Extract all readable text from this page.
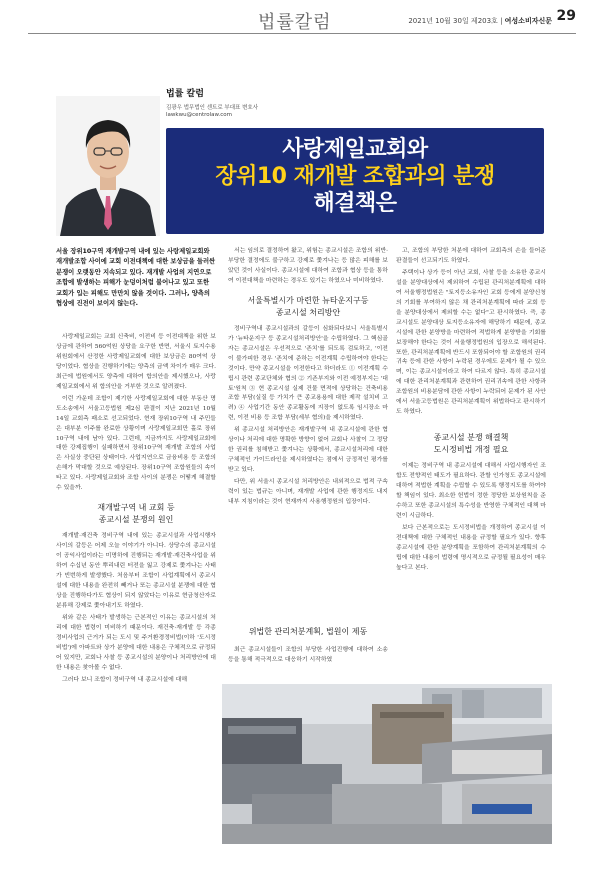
법률칼럼	2021년 10월 30일 제203호 | 여성소비자신문 29
법률 칼럼
김광우 법무법인 센트로 부대표 변호사
lawkwu@centrolaw.com
사랑제일교회와
장위10 재개발 조합과의 분쟁
해결책은
서울 장위10구역 재개발구역 내에 있는 사랑제일교회와 재개발조합 사이에 교회 이전대책에 대한 보상금을 둘러싼 분쟁이 오랫동안 지속되고 있다. 재개발 사업의 지연으로 조합에 발생하는 피해가 눈덩이처럼 불어나고 있고 또한 교회가 입는 피해도 만만치 않을 것이다. 그러나, 양측의 협상에 진전이 보이지 않는다.

사랑제일교회는 교회 신축비, 이전비 등 이전대책을 위한 보상금에 관하여 560억원 상당을 요구한 반면, 서울시 토지수용위원회에서 산정한 사랑제일교회에 대한 보상금은 80여억 상당이었다. 협상을 진행하기에는 양측의 금액 차이가 매우 크다. 최근에 법원에서도 양측에 대하여 합의안을 제시했으나, 사랑제일교회에서 위 합의안을 거부한 것으로 알려졌다.

이런 가운데 조합이 제기한 사랑제일교회에 대한 부동산 명도소송에서 서울고등법원 제2심 판결이 지난 2021년 10월 14일 교회측 패소로 선고되었다. 현재 장위10구역 내 주민들은 대부분 이주를 완료한 상황이며 사랑제일교회만 홀로 장위10구역 내에 남아 있다. 그런데, 지금까지도 사랑제일교회에 대한 강제집행이 실패하면서 장위10구역 재개발 조합의 사업은 사실상 중단된 상태이다. 사업지연으로 금융비용 등 조합의 손해가 막대할 것으로 예상된다. 장위10구역 조합원들의 속이 타고 있다. 사랑제일교회와 조합 사이의 분쟁은 어떻게 해결할 수 있을까.

재개발구역 내 교회 등
종교시설 분쟁의 원인

재개발·재건축 정비구역 내에 있는 종교시설과 사업시행자 사이의 갈등은 어제 오늘 이야기가 아니다. 상당수의 종교시설이 공익사업이라는 미명하에 진행되는 재개발·재건축사업을 위하여 수십년 동안 뿌리내린 터전을 잃고 강제로 쫓겨나는 사태가 빈번하게 발생했다. 처음부터 조합이 사업계획에서 종교시설에 대한 내용을 완전히 빼거나 또는 종교시설 분쟁에 대한 협상을 진행하다가도 협상이 되지 않았다는 이유로 현금청산자로 분류해 강제로 쫓아내기도 하였다.

위와 같은 사태가 발생하는 근본적인 이유는 종교시설의 처리에 대한 법령이 미비하기 때문이다. 재건축·재개발 등 각종 정비사업의 근거가 되는 도시 및 주거환경정비법(이하 '도시정비법')에 아파트와 상가 분양에 대한 내용은 구체적으로 규정되어 있지만, 교회나 사찰 등 종교시설의 분양이나 처리방안에 대한 내용은 찾아볼 수 없다.

그러다 보니 조합이 정비구역 내 종교시설에 대해

서는 임의로 결정하여 왔고, 위험는 종교시설은 조합의 위반·부당한 결정에도 불구하고 강제로 쫓겨나는 등 많은 피해를 보았던 것이 사실이다. 종교시설에 대하여 조합과 협상 등을 통하여 이전대책을 마련하는 경우도 있기는 하였으나 미비하였다.

서울특별시가 마련한 뉴타운지구등
종교시설 처리방안

정비구역내 종교시설과의 갈등이 심화되다보니 서울특별시가 '뉴타운지구 등 종교시설처리방안'을 수립하였다. 그 핵심골자는 종교시설은 우선적으로 '존치'를 되도록 검토하고, '이전이 불가피한 경우 '존치에 준하는 이전계획 수립하여야 한다는 것이다. 만약 종교시설을 이전한다고 하더라도 ① 이전계획 수립시 관련 종교단체와 협의 ② 기존부지와 이전 예정부지는 '대토'원칙 ③ 현 종교시설 실제 건물 면적에 상당하는 건축비용 조합 부담(실질 등 가치가 큰 종교용용에 대한 제작 설치비 고려) ④ 사업기간 동안 종교활동에 지장이 없도록 임시장소 마련, 이전 비용 등 조합 부담(세부 협의)을 제시하였다.

위 종교시설 처리방안은 재개발구역 내 종교시설에 관한 협상이나 처리에 대한 명확한 방향이 없어 교회나 사찰이 그 정당한 권리를 침해받고 쫓겨나는 상황에서, 종교시설처리에 대한 구체적인 가이드라인을 제시하였다는 점에서 긍정적인 평가를 받고 있다.

다만, 위 서울시 종교시설 처리방안은 내외적으로 법적 구속력이 있는 법규는 아니며, 재개발 사업에 관한 행정지도 내지 내부 지침이라는 것이 현재까지 사용행정원의 입장이다.

위법한 관리처분계획, 법원이 제동

최근 종교시설들이 조합의 부당한 사업진행에 대하여 소송 등을 통해 적극적으로 대응하기 시작하였

고, 조합의 부당한 처분에 대하여 교회측의 손을 들어준 판결들이 선고되기도 하였다.

주택이나 상가 등이 아닌 교회, 사찰 등을 소유한 종교시설을 분양대상에서 제외하여 수립된 관리처분계획에 대하여 서울행정법원은 "토지등소유자인 교회 등에게 분양신청의 기회를 부여하지 않은 채 관리처분계획에 따라 교회 등을 분양대상에서 제외할 수는 없다"고 판시하였다. 즉, 종교시설도 분양대상 토지등소유자에 해당하기 때문에, 종교시설에 관한 분양방을 마련하여 적법하게 분양받을 기회를 보장해야 한다는 것이 서울행정법원의 입장으로 해석된다. 또한, 관리처분계획에 반드시 포함되어야 할 조합원의 권리귀속 등에 관한 사항이 누락된 경우에도 문제가 될 수 있으며, 이는 종교시설이라고 하여 다르지 않다. 특히 종교시설에 대한 관리처분계획과 관련하여 권리귀속에 관한 사항과 조합원의 비용분담에 관한 사항이 누락되어 문제가 된 사안에서 서울고등법원은 관리처분계획이 위법하다고 판시하기도 하였다.

종교시설 분쟁 해결책
도시정비법 개정 필요

이제는 정비구역 내 종교시설에 대해서 사업시행자인 조합도 전향적인 태도가 필요하다. 관할 인가청도 종교시설에 대하여 적법한 계획을 수립할 수 있도록 행정지도를 하여야 할 책임이 있다. 최소한 헌법이 정한 정당한 보상원칙을 준수하고 또한 종교시설의 특수성을 반영한 구체적인 대책 마련이 시급하다.

보다 근본적으로는 도시정비법을 개정하여 종교시설 이전대책에 대한 구체적인 내용을 규정할 필요가 있다. 향후 종교시설에 관한 분양계획을 포함하여 관리처분계획의 수립에 대한 내용이 법령에 명시적으로 규정될 필요성이 매우 높다고 본다.
